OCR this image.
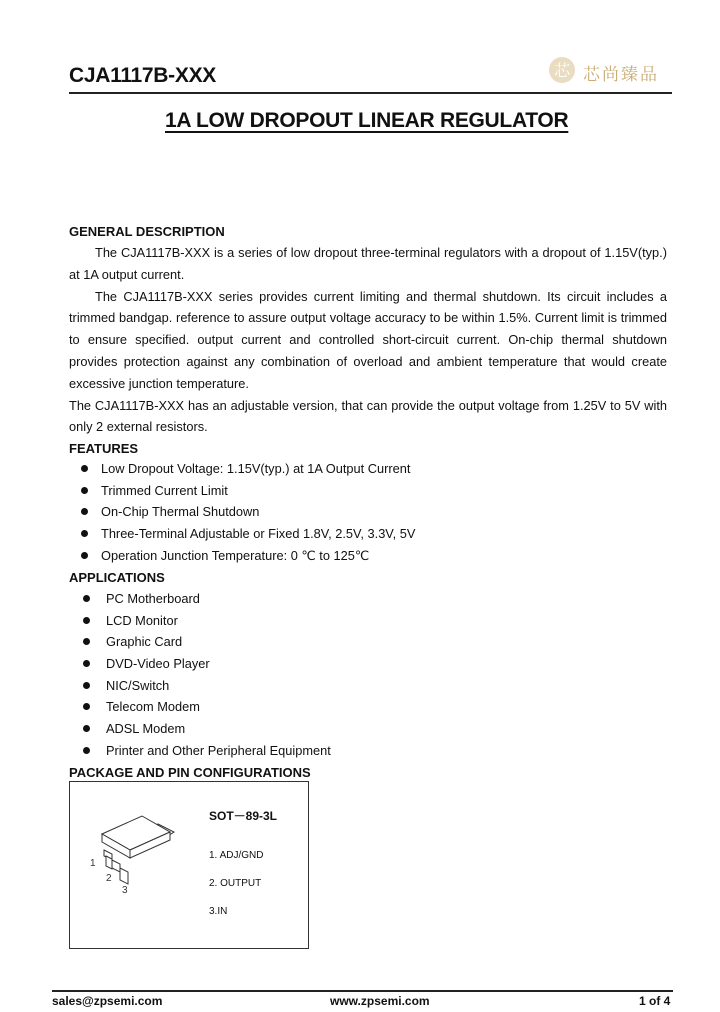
CJA1117B-XXX	芯 芯尚臻品
1A LOW DROPOUT LINEAR REGULATOR
GENERAL DESCRIPTION
The CJA1117B-XXX is a series of low dropout three-terminal regulators with a dropout of 1.15V(typ.)
at 1A output current.
The CJA1117B-XXX series provides current limiting and thermal shutdown. Its circuit includes a
trimmed bandgap. reference to assure output voltage accuracy to be within 1.5%. Current limit is trimmed
to ensure specified. output current and controlled short-circuit current. On-chip thermal shutdown
provides protection against any combination of overload and ambient temperature that would create
excessive junction temperature.
The CJA1117B-XXX has an adjustable version, that can provide the output voltage from 1.25V to 5V with
only 2 external resistors.
FEATURES
Low Dropout Voltage: 1.15V(typ.) at 1A Output Current
Trimmed Current Limit
On-Chip Thermal Shutdown
Three-Terminal Adjustable or Fixed 1.8V, 2.5V, 3.3V, 5V
Operation Junction Temperature: 0 ℃ to 125℃
APPLICATIONS
PC Motherboard
LCD Monitor
Graphic Card
DVD-Video Player
NIC/Switch
Telecom Modem
ADSL Modem
Printer and Other Peripheral Equipment
PACKAGE AND PIN CONFIGURATIONS
1
2
3
SOT－89-3L
1. ADJ/GND
2. OUTPUT
3.IN
sales@zpsemi.com	www.zpsemi.com	1 of 4
